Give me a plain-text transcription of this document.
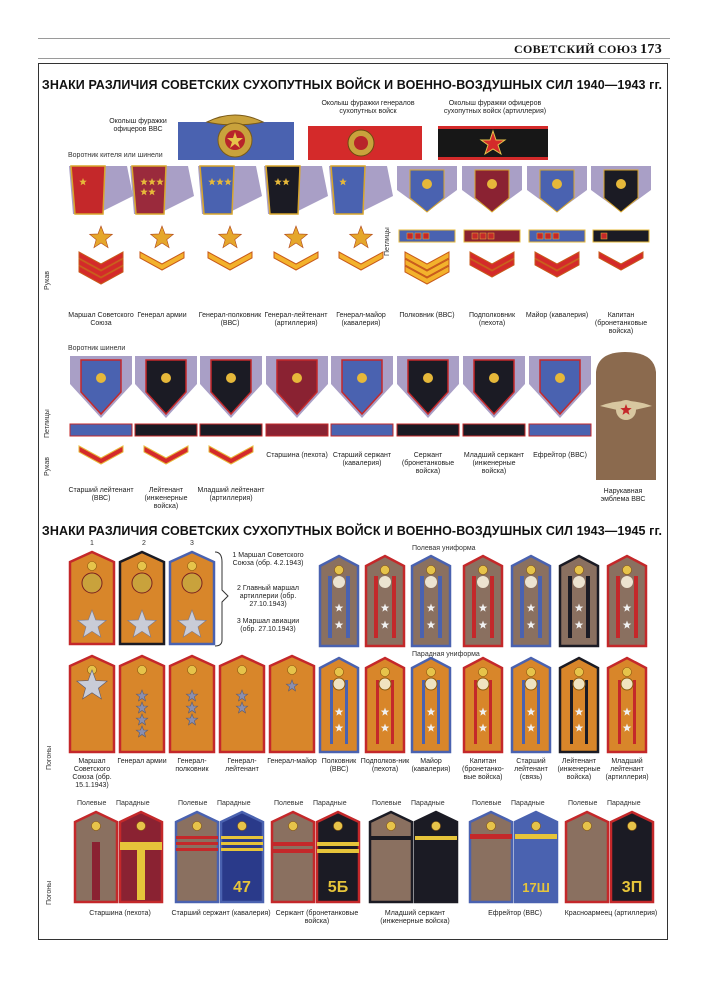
СОВЕТСКИЙ СОЮЗ 173
ЗНАКИ РАЗЛИЧИЯ СОВЕТСКИХ СУХОПУТНЫХ ВОЙСК И ВОЕННО-ВОЗДУШНЫХ СИЛ 1940—1943 гг.
Околыш фуражки офицеров ВВС
Околыш фуражки генералов сухопутных войск
Околыш фуражки офицеров сухопутных войск (артиллерия)
Воротник кителя или шинели
Рукав
Петлицы
Маршал Советского Союза
Генерал армии	Генерал-полковник (ВВС)
Генерал-лейтенант (артиллерия)
Генерал-майор (кавалерия)
Полковник (ВВС)	Подполковник (пехота)
Майор (кавалерия)	Капитан (бронетанковые войска)
Воротник шинели
Петлицы
Рукав
Старший лейтенант (ВВС)
Лейтенант (инженерные войска)
Младший лейтенант (артиллерия)
Старшина (пехота) Старший сержант (кавалерия)
Сержант (бронетанковые войска)
Младший сержант (инженерные войска)
Ефрейтор (ВВС)
Нарукавная эмблема ВВС
ЗНАКИ РАЗЛИЧИЯ СОВЕТСКИХ СУХОПУТНЫХ ВОЙСК И ВОЕННО-ВОЗДУШНЫХ СИЛ 1943—1945 гг.
1	2	3
1 Маршал Советского Союза (обр. 4.2.1943)
2 Главный маршал артиллерии (обр. 27.10.1943)
3 Маршал авиации (обр. 27.10.1943)
Полевая униформа
Парадная униформа
Погоны
Погоны	47	5Б	17Ш	3П
Маршал Советского Союза (обр. 15.1.1943)
Генерал армии	Генерал-полковник
Генерал-лейтенант
Генерал-майор Полковник (ВВС)
Подполков-ник (пехота)
Майор (кавалерия)
Капитан (бронетанко-вые войска)
Старший лейтенант (связь)
Лейтенант (инженерные войска)
Младший лейтенант (артиллерия)
Полевые Парадные	Полевые Парадные	Полевые Парадные	Полевые Парадные	Полевые Парадные	Полевые Парадные
Старшина (пехота)	Старший сержант (кавалерия) Сержант (бронетанковые войска)
Младший сержант (инженерные войска)
Ефрейтор (ВВС)	Красноармеец (артиллерия)
